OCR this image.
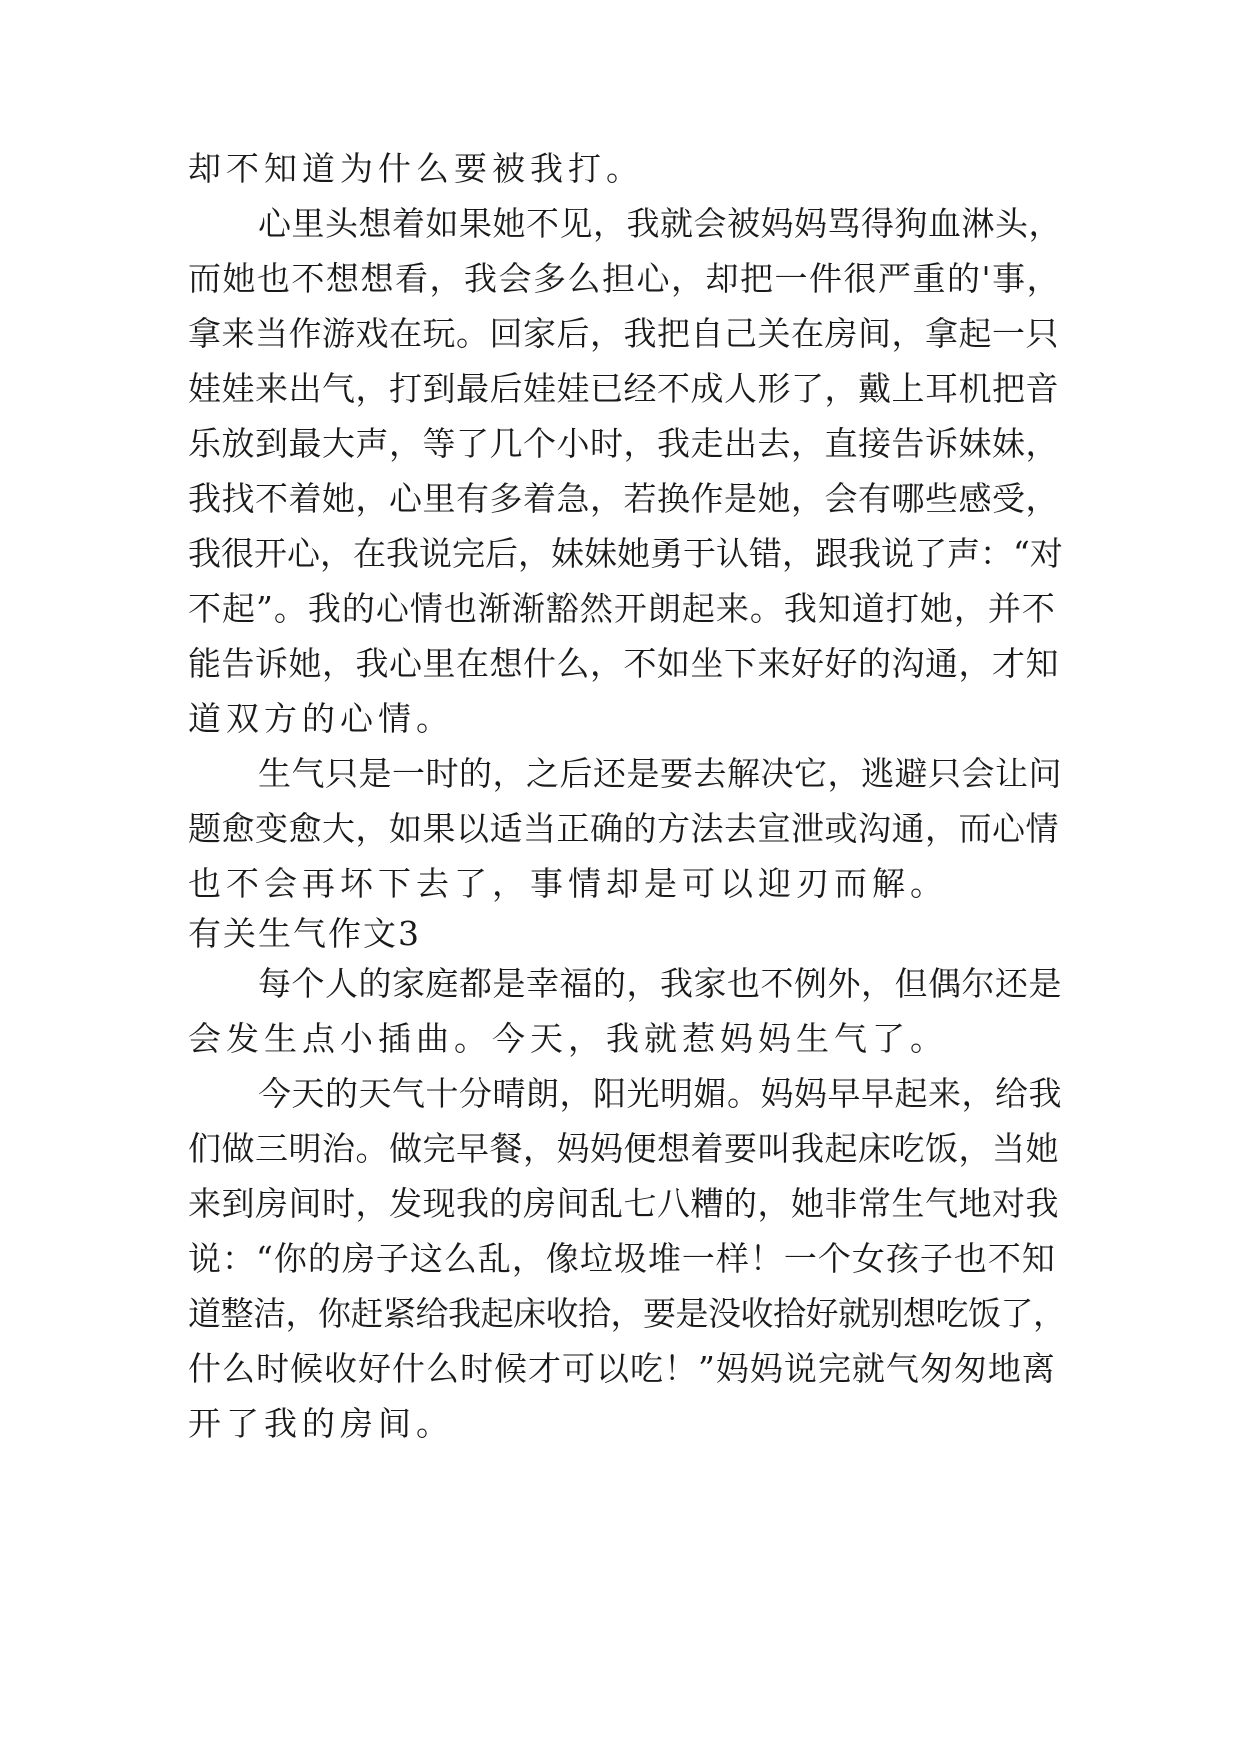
却不知道为什么要被我打。
心里头想着如果她不见，我就会被妈妈骂得狗血淋头，
而她也不想想看，我会多么担心，却把一件很严重的'事，
拿来当作游戏在玩。回家后，我把自己关在房间，拿起一只
娃娃来出气，打到最后娃娃已经不成人形了，戴上耳机把音
乐放到最大声，等了几个小时，我走出去，直接告诉妹妹，
我找不着她，心里有多着急，若换作是她，会有哪些感受，
我很开心，在我说完后，妹妹她勇于认错，跟我说了声：“对
不起”。我的心情也渐渐豁然开朗起来。我知道打她，并不
能告诉她，我心里在想什么，不如坐下来好好的沟通，才知
道双方的心情。
生气只是一时的，之后还是要去解决它，逃避只会让问
题愈变愈大，如果以适当正确的方法去宣泄或沟通，而心情
也不会再坏下去了，事情却是可以迎刃而解。
有关生气作文3
每个人的家庭都是幸福的，我家也不例外，但偶尔还是
会发生点小插曲。今天，我就惹妈妈生气了。
今天的天气十分晴朗，阳光明媚。妈妈早早起来，给我
们做三明治。做完早餐，妈妈便想着要叫我起床吃饭，当她
来到房间时，发现我的房间乱七八糟的，她非常生气地对我
说：“你的房子这么乱，像垃圾堆一样！一个女孩子也不知
道整洁，你赶紧给我起床收拾，要是没收拾好就别想吃饭了，
什么时候收好什么时候才可以吃！”妈妈说完就气匆匆地离
开了我的房间。
